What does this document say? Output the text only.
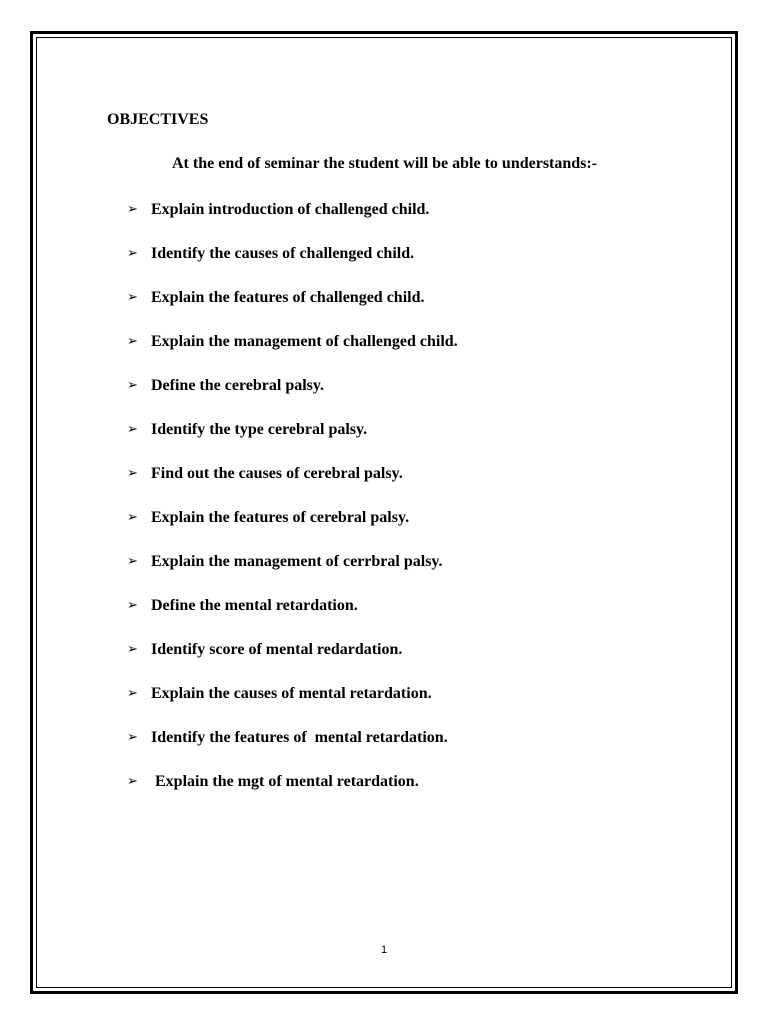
OBJECTIVES
At the end of seminar the student will be able to understands:-
➢ Explain introduction of challenged child.
➢ Identify the causes of challenged child.
➢ Explain the features of challenged child.
➢ Explain the management of challenged child.
➢ Define the cerebral palsy.
➢ Identify the type cerebral palsy.
➢ Find out the causes of cerebral palsy.
➢ Explain the features of cerebral palsy.
➢ Explain the management of cerrbral palsy.
➢ Define the mental retardation.
➢ Identify score of mental redardation.
➢ Explain the causes of mental retardation.
➢ Identify the features of  mental retardation.
➢ Explain the mgt of mental retardation.
1
